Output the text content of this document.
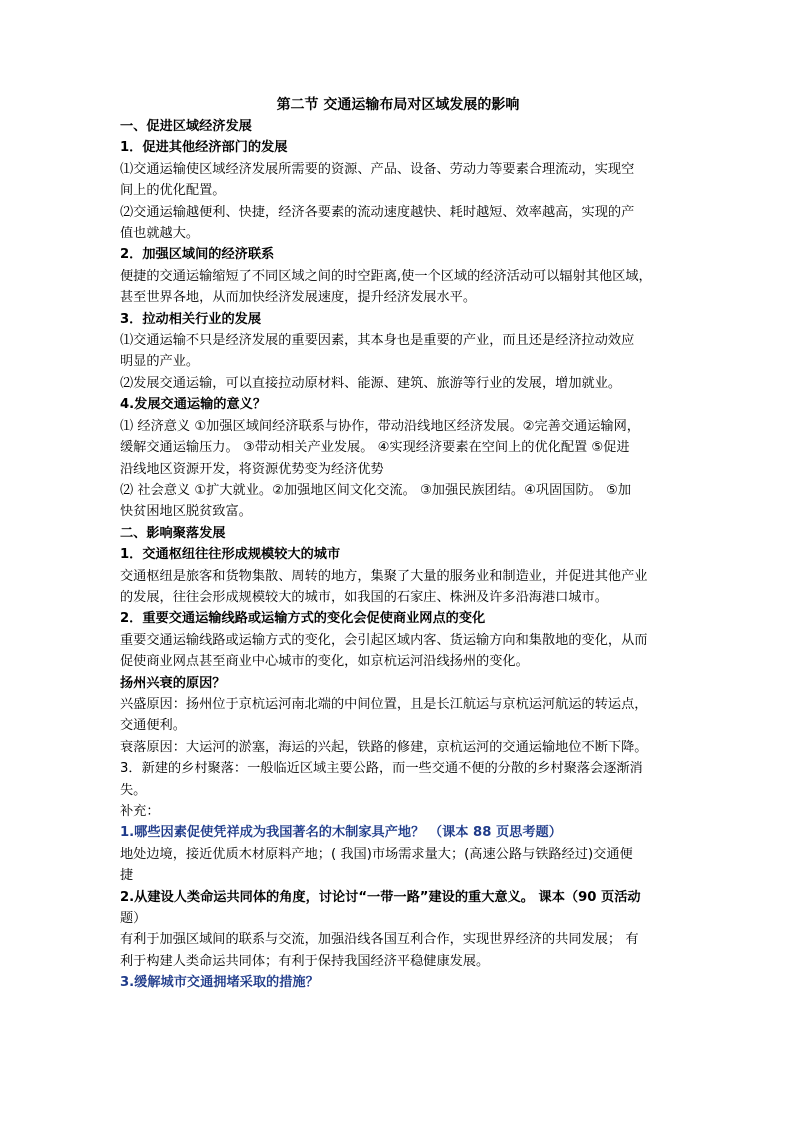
第二节 交通运输布局对区域发展的影响
一、促进区域经济发展
1．促进其他经济部门的发展
⑴交通运输使区域经济发展所需要的资源、产品、设备、劳动力等要素合理流动，实现空
间上的优化配置。
⑵交通运输越便利、快捷，经济各要素的流动速度越快、耗时越短、效率越高，实现的产
值也就越大。
2．加强区域间的经济联系
便捷的交通运输缩短了不同区域之间的时空距离,使一个区域的经济活动可以辐射其他区域，
甚至世界各地，从而加快经济发展速度，提升经济发展水平。
3．拉动相关行业的发展
⑴交通运输不只是经济发展的重要因素，其本身也是重要的产业，而且还是经济拉动效应
明显的产业。
⑵发展交通运输，可以直接拉动原材料、能源、建筑、旅游等行业的发展，增加就业。
4.发展交通运输的意义？
⑴ 经济意义 ①加强区域间经济联系与协作，带动沿线地区经济发展。②完善交通运输网，
缓解交通运输压力。 ③带动相关产业发展。 ④实现经济要素在空间上的优化配置 ⑤促进
沿线地区资源开发，将资源优势变为经济优势
⑵ 社会意义 ①扩大就业。②加强地区间文化交流。 ③加强民族团结。④巩固国防。 ⑤加
快贫困地区脱贫致富。
二、影响聚落发展
1．交通枢纽往往形成规模较大的城市
交通枢纽是旅客和货物集散、周转的地方，集聚了大量的服务业和制造业，并促进其他产业
的发展，往往会形成规模较大的城市，如我国的石家庄、株洲及许多沿海港口城市。
2．重要交通运输线路或运输方式的变化会促使商业网点的变化
重要交通运输线路或运输方式的变化，会引起区域内客、货运输方向和集散地的变化，从而
促使商业网点甚至商业中心城市的变化，如京杭运河沿线扬州的变化。
扬州兴衰的原因？
兴盛原因：扬州位于京杭运河南北端的中间位置，且是长江航运与京杭运河航运的转运点，
交通便利。
衰落原因：大运河的淤塞，海运的兴起，铁路的修建，京杭运河的交通运输地位不断下降。
3．新建的乡村聚落：一般临近区域主要公路，而一些交通不便的分散的乡村聚落会逐渐消
失。
补充：
1.哪些因素促使凭祥成为我国著名的木制家具产地？ （课本 88 页思考题）
地处边境，接近优质木材原料产地；( 我国)市场需求量大；(高速公路与铁路经过)交通便
捷
2.从建设人类命运共同体的角度，讨论讨“一带一路”建设的重大意义。 课本（90 页活动
题）
有利于加强区域间的联系与交流，加强沿线各国互利合作，实现世界经济的共同发展； 有
利于构建人类命运共同体；有利于保持我国经济平稳健康发展。
3.缓解城市交通拥堵采取的措施？
